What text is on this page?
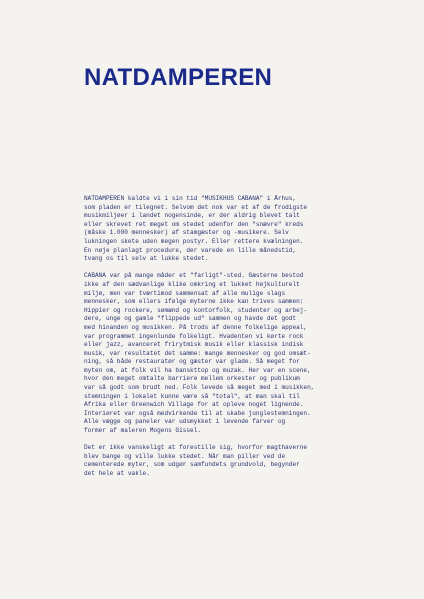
NATDAMPEREN

NATDAMPEREN kaldte vi i sin tid "MUSIKHUS CABANA" i Århus,
som pladen er tilegnet. Selvom det nok var et af de frodigste
musikmiljøer i landet nogensinde, er der aldrig blevet talt
eller skrevet ret meget om stedet udenfor den "snævre" kreds
(måske 1.000 mennesker) af stamgæster og -musikere. Selv
lukningen skete uden megen postyr. Eller rettere kvælningen.
En nøje planlagt procedure, der varede en lille månedstid,
tvang os til selv at lukke stedet.

CABANA var på mange måder et "farligt"-sted. Gæsterne bestod
ikke af den sædvanlige klike omkring et lukket højkulturelt
miljø, men var tværtimod sammensat af alle mulige slags
mennesker, som ellers ifølge myterne ikke kan trives sammen:
Hippier og rockere, sømænd og kontorfolk, studenter og arbej-
dere, unge og gamle "flippede ud" sammen og havde det godt
med hinanden og musikken. På trods af denne folkelige appeal,
var programmet ingenlunde folkeligt. Hvadenten vi kørte rock
eller jazz, avanceret frirytmisk musik eller klassisk indisk
musik, var resultatet det samme: mange mennesker og god omsæt-
ning, så både restauratør og gæster var glade. Så meget for
myten om, at folk vil ha banskttop og muzak. Her var en scene,
hvor den meget omtalte barriere mellem orkester og publikum
var så godt som brudt ned. Folk levede så meget med i musikken,
stemningen i lokalet kunne være så "total", at man skal til
Afrika eller Greenwich Village for at opleve noget lignende.
Interiøret var også medvirkende til at skabe junglestemningen.
Alle vægge og paneler var udsmykket i levende farver og
former af maleren Mogens Gissel.

Det er ikke vanskeligt at forestille sig, hvorfor magthaverne
blev bange og ville lukke stedet. Når man piller ved de
cementerede myter, som udgør samfundets grundvold, begynder
det hele at vakle.
